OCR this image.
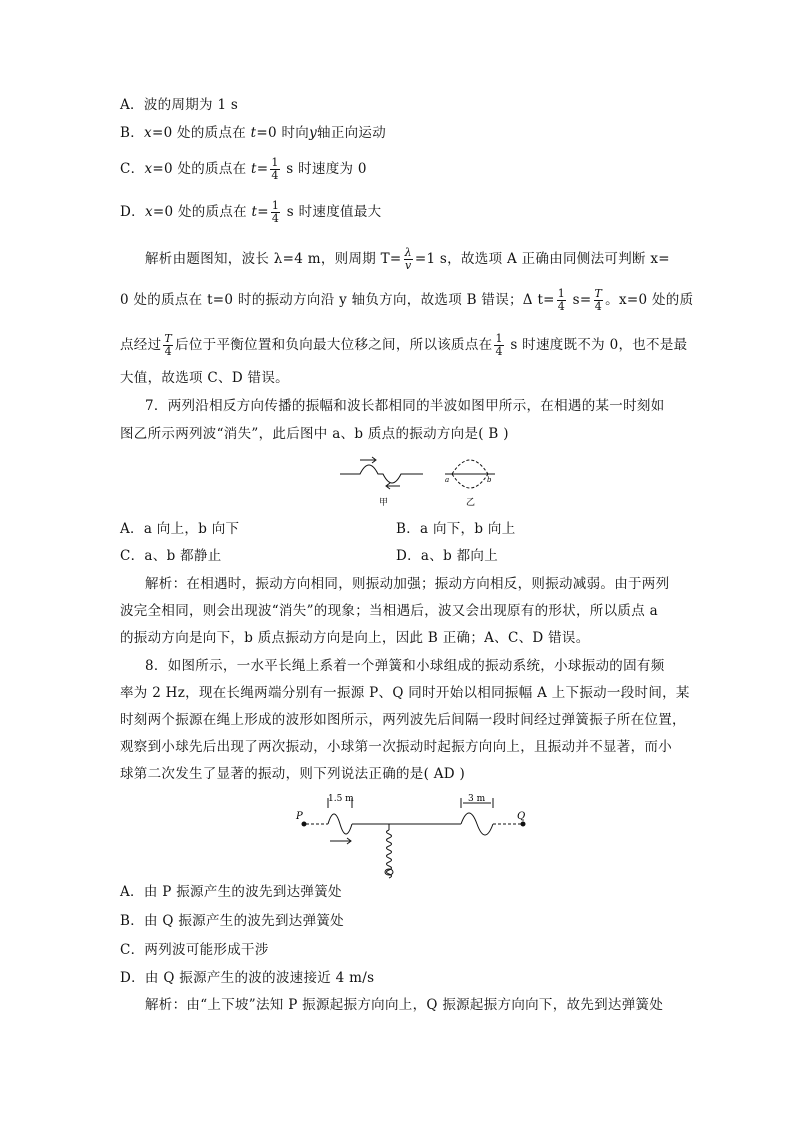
A．波的周期为 1 s
B．x=0 处的质点在 t=0 时向y轴正向运动
C．x=0 处的质点在 $t= \frac{1}{4}$ s 时速度为 0
D．x=0 处的质点在 $t= \frac{1}{4}$ s 时速度值最大
解析由题图知，波长 λ=4 m，则周期 $T= \frac{\lambda}{v} =1$ s，故选项 A 正确由同侧法可判断 x=
0 处的质点在 t=0 时的振动方向沿 y 轴负方向，故选项 B 错误；Δ $t= \frac{1}{4} s= \frac{T}{4}$ 。x=0 处的质
点经过 $\frac{T}{4}$ 后位于平衡位置和负向最大位移之间，所以该质点在 $\frac{1}{4}$ s 时速度既不为 0，也不是最
大值，故选项 C、D 错误。
7．两列沿相反方向传播的振幅和波长都相同的半波如图甲所示，在相遇的某一时刻如
图乙所示两列波“消失”，此后图中 a、b 质点的振动方向是( B )
甲
a	b
乙
A．a 向上，b 向下	B．a 向下，b 向上
C．a、b 都静止	D．a、b 都向上
解析：在相遇时，振动方向相同，则振动加强；振动方向相反，则振动减弱。由于两列
波完全相同，则会出现波“消失”的现象；当相遇后，波又会出现原有的形状，所以质点 a
的振动方向是向下，b 质点振动方向是向上，因此 B 正确；A、C、D 错误。
8．如图所示，一水平长绳上系着一个弹簧和小球组成的振动系统，小球振动的固有频
率为 2 Hz，现在长绳两端分别有一振源 P、Q 同时开始以相同振幅 A 上下振动一段时间，某
时刻两个振源在绳上形成的波形如图所示，两列波先后间隔一段时间经过弹簧振子所在位置，
观察到小球先后出现了两次振动，小球第一次振动时起振方向向上，且振动并不显著，而小
球第二次发生了显著的振动，则下列说法正确的是( AD )
P	Q
1.5 m	3 m
A．由 P 振源产生的波先到达弹簧处
B．由 Q 振源产生的波先到达弹簧处
C．两列波可能形成干涉
D．由 Q 振源产生的波的波速接近 4 m/s
解析：由“上下坡”法知 P 振源起振方向向上，Q 振源起振方向向下，故先到达弹簧处
